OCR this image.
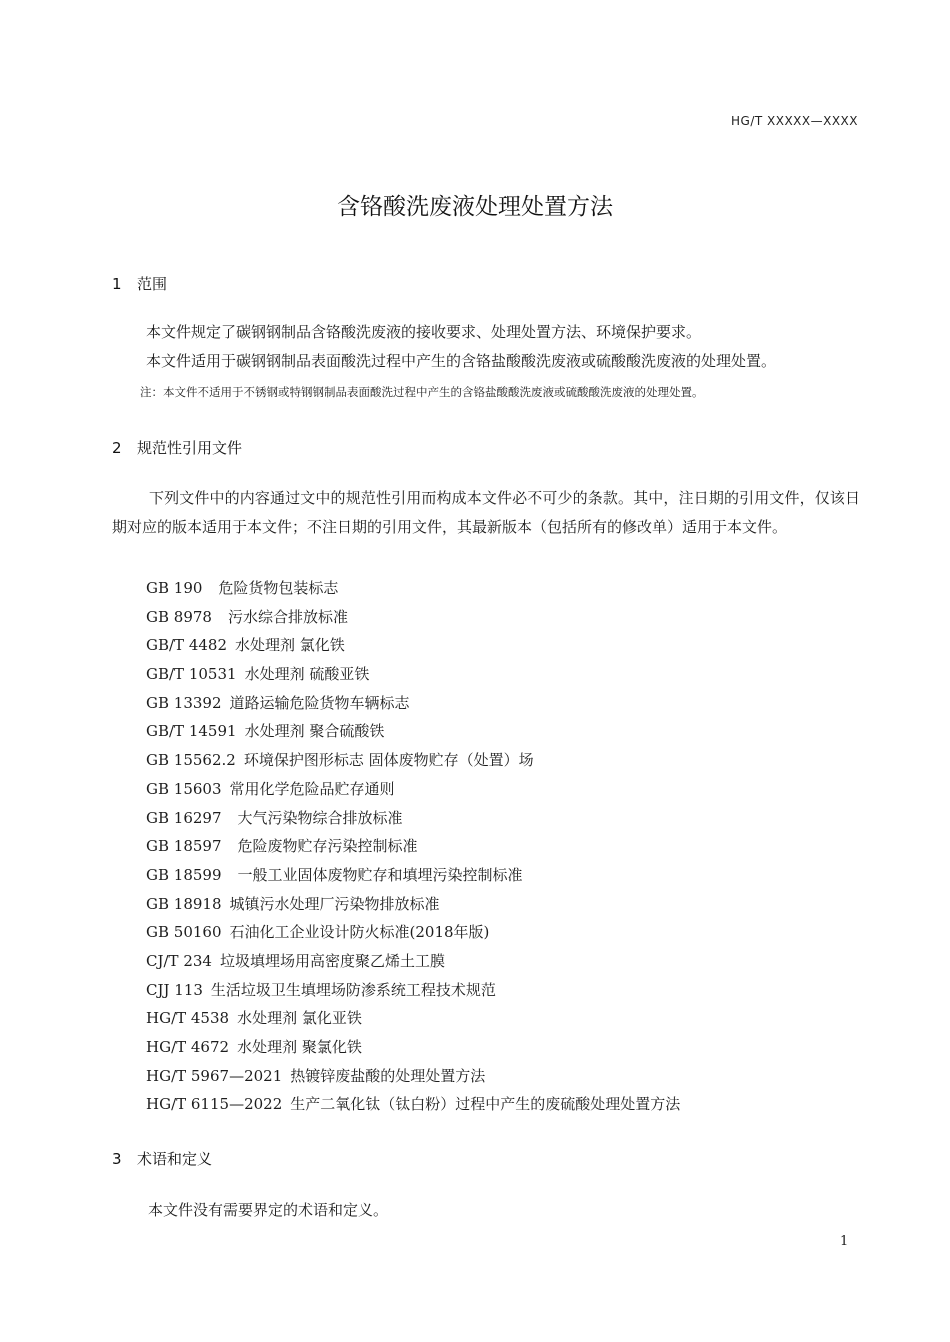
HG/T XXXXX—XXXX
含铬酸洗废液处理处置方法
1 范围
本文件规定了碳钢钢制品含铬酸洗废液的接收要求、处理处置方法、环境保护要求。
本文件适用于碳钢钢制品表面酸洗过程中产生的含铬盐酸酸洗废液或硫酸酸洗废液的处理处置。
注：本文件不适用于不锈钢或特钢钢制品表面酸洗过程中产生的含铬盐酸酸洗废液或硫酸酸洗废液的处理处置。
2 规范性引用文件
下列文件中的内容通过文中的规范性引用而构成本文件必不可少的条款。其中，注日期的引用文件，仅该日期对应的版本适用于本文件；不注日期的引用文件，其最新版本（包括所有的修改单）适用于本文件。
GB 190 危险货物包装标志
GB 8978 污水综合排放标准
GB/T 4482 水处理剂 氯化铁
GB/T 10531 水处理剂 硫酸亚铁
GB 13392 道路运输危险货物车辆标志
GB/T 14591 水处理剂 聚合硫酸铁
GB 15562.2 环境保护图形标志 固体废物贮存（处置）场
GB 15603 常用化学危险品贮存通则
GB 16297 大气污染物综合排放标准
GB 18597 危险废物贮存污染控制标准
GB 18599 一般工业固体废物贮存和填埋污染控制标准
GB 18918 城镇污水处理厂污染物排放标准
GB 50160 石油化工企业设计防火标准(2018年版)
CJ/T 234 垃圾填埋场用高密度聚乙烯土工膜
CJJ 113 生活垃圾卫生填埋场防渗系统工程技术规范
HG/T 4538 水处理剂 氯化亚铁
HG/T 4672 水处理剂 聚氯化铁
HG/T 5967—2021 热镀锌废盐酸的处理处置方法
HG/T 6115—2022 生产二氧化钛（钛白粉）过程中产生的废硫酸处理处置方法
3 术语和定义
本文件没有需要界定的术语和定义。
1
